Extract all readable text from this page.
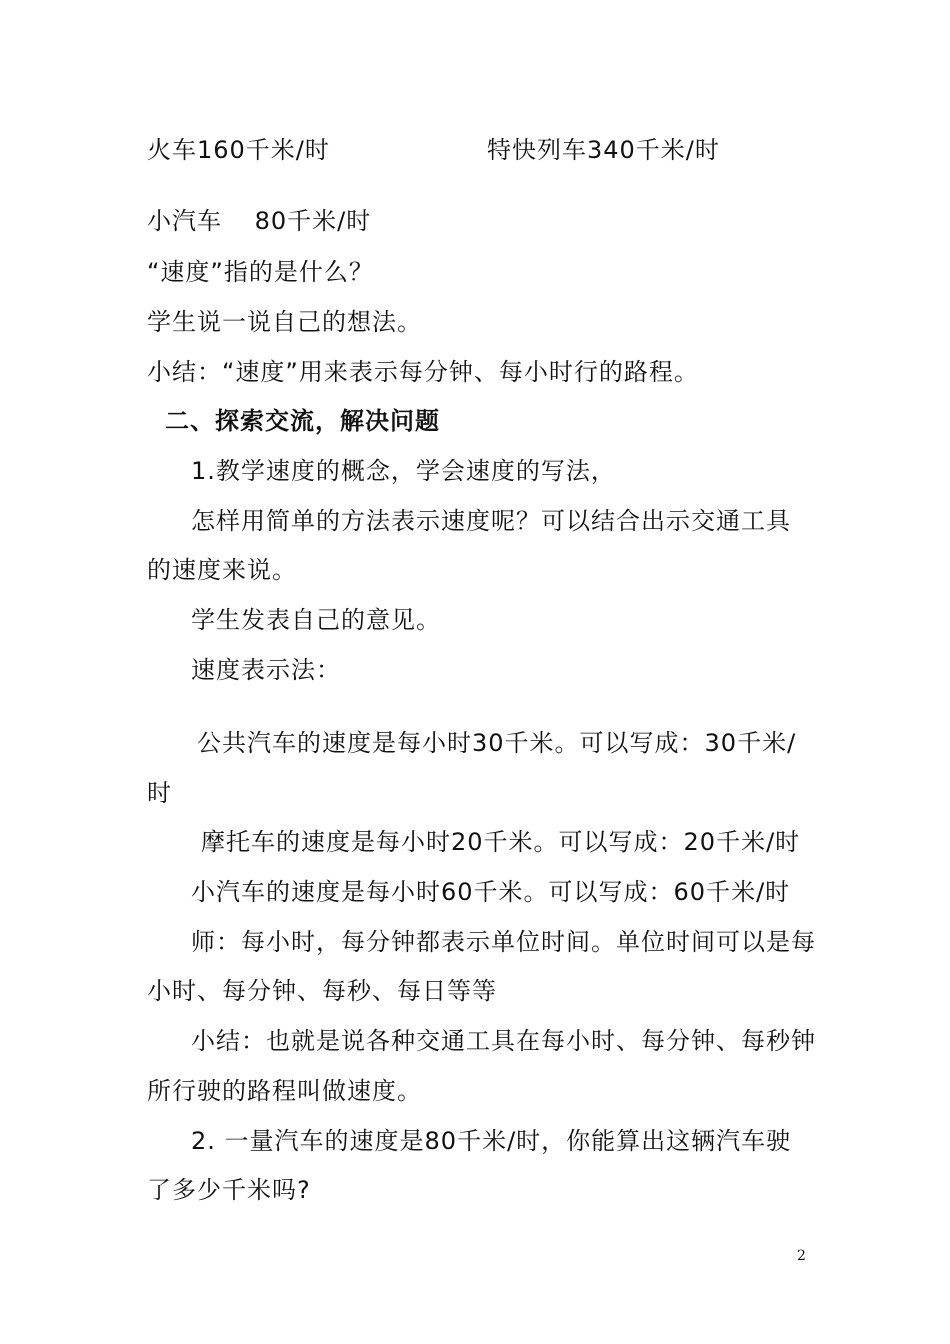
火车160千米/时	特快列车340千米/时
小汽车 80千米/时
“速度”指的是什么？
学生说一说自己的想法。
小结：“速度”用来表示每分钟、每小时行的路程。
二、探索交流，解决问题
1.教学速度的概念，学会速度的写法，
怎样用简单的方法表示速度呢？可以结合出示交通工具
的速度来说。
学生发表自己的意见。
速度表示法：
公共汽车的速度是每小时30千米。可以写成：30千米/
时
摩托车的速度是每小时20千米。可以写成：20千米/时
小汽车的速度是每小时60千米。可以写成：60千米/时
师：每小时，每分钟都表示单位时间。单位时间可以是每
小时、每分钟、每秒、每日等等
小结：也就是说各种交通工具在每小时、每分钟、每秒钟
所行驶的路程叫做速度。
2. 一量汽车的速度是80千米/时，你能算出这辆汽车驶
了多少千米吗?
2
